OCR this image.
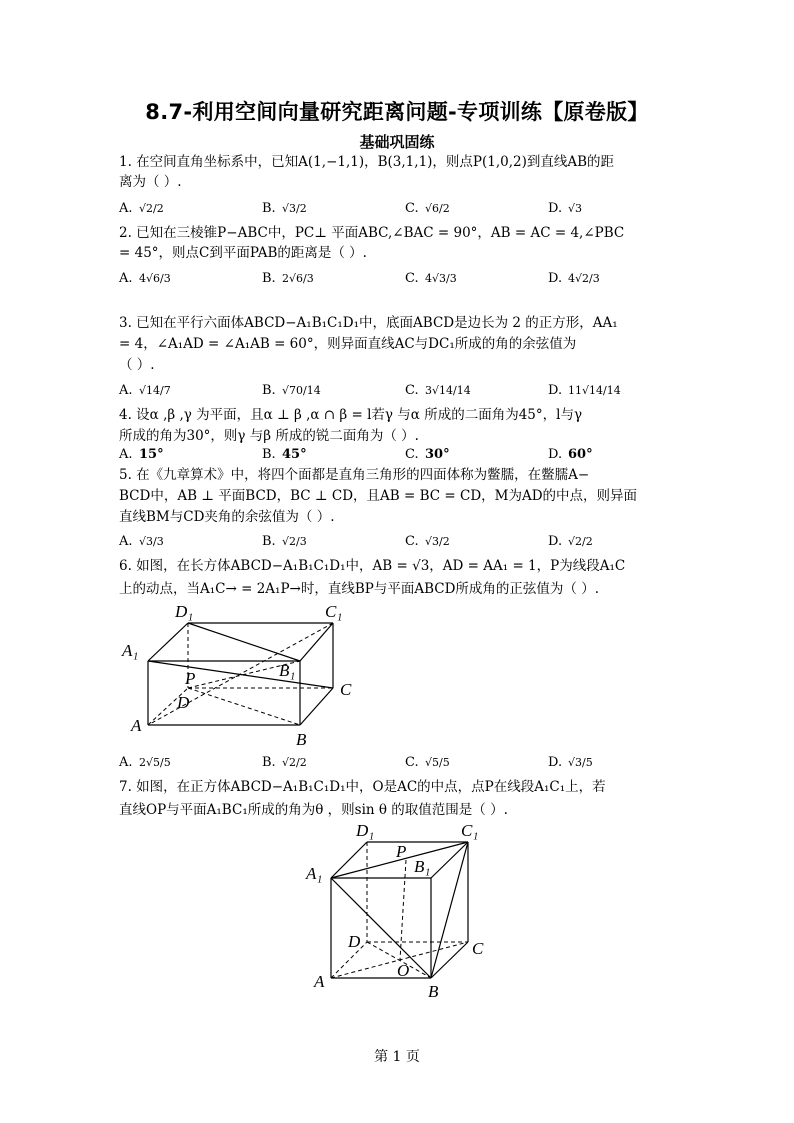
8.7-利用空间向量研究距离问题-专项训练【原卷版】
基础巩固练
1. 在空间直角坐标系中，已知A(1,−1,1)，B(3,1,1)，则点P(1,0,2)到直线AB的距
离为（ ）.
A. √2/2	B. √3/2	C. √6/2	D. √3
2. 已知在三棱锥P−ABC中，PC⊥ 平面ABC,∠BAC = 90°，AB = AC = 4,∠PBC
= 45°，则点C到平面PAB的距离是（ ）.
A. 4√6/3	B. 2√6/3	C. 4√3/3	D. 4√2/3
3. 已知在平行六面体ABCD−A₁B₁C₁D₁中，底面ABCD是边长为 2 的正方形，AA₁
= 4，∠A₁AD = ∠A₁AB = 60°，则异面直线AC与DC₁所成的角的余弦值为
（ ）.
A. √14/7	B. √70/14	C. 3√14/14	D. 11√14/14
4. 设α ,β ,γ 为平面，且α ⊥ β ,α ∩ β = l若γ 与α 所成的二面角为45°，l与γ
所成的角为30°，则γ 与β 所成的锐二面角为（ ）.
A. 15°	B. 45°	C. 30°	D. 60°
5. 在《九章算术》中，将四个面都是直角三角形的四面体称为鳖臑，在鳖臑A−
BCD中，AB ⊥ 平面BCD，BC ⊥ CD，且AB = BC = CD，M为AD的中点，则异面
直线BM与CD夹角的余弦值为（ ）.
A. √3/3	B. √2/3	C. √3/2	D. √2/2
6. 如图，在长方体ABCD−A₁B₁C₁D₁中，AB = √3，AD = AA₁ = 1，P为线段A₁C
上的动点，当A₁C→ = 2A₁P→时，直线BP与平面ABCD所成角的正弦值为（ ）.
D₁	C₁
A₁
B₁
P
D
C
A
B
A. 2√5/5	B. √2/2	C. √5/5	D. √3/5
7. 如图，在正方体ABCD−A₁B₁C₁D₁中，O是AC的中点，点P在线段A₁C₁上，若
直线OP与平面A₁BC₁所成的角为θ ，则sin θ 的取值范围是（ ）.
D₁	C₁
P
A₁	B₁
D	C
O
A
B
第 1 页
